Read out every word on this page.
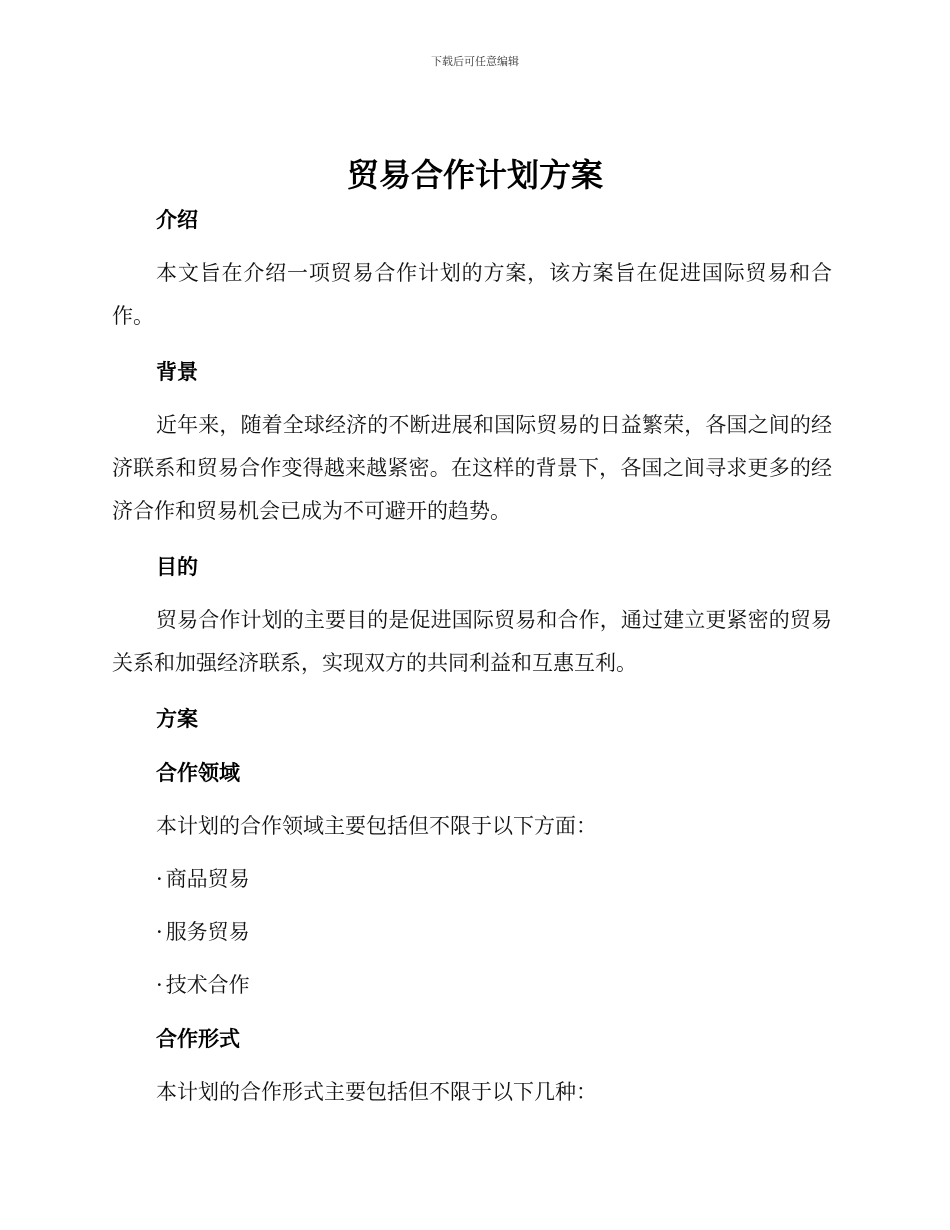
下载后可任意编辑
贸易合作计划方案
介绍

本文旨在介绍一项贸易合作计划的方案，该方案旨在促进国际贸易和合作。

背景

近年来，随着全球经济的不断进展和国际贸易的日益繁荣，各国之间的经济联系和贸易合作变得越来越紧密。在这样的背景下，各国之间寻求更多的经济合作和贸易机会已成为不可避开的趋势。

目的

贸易合作计划的主要目的是促进国际贸易和合作，通过建立更紧密的贸易关系和加强经济联系，实现双方的共同利益和互惠互利。

方案
合作领域

本计划的合作领域主要包括但不限于以下方面：

· 商品贸易

· 服务贸易

· 技术合作

合作形式

本计划的合作形式主要包括但不限于以下几种：
